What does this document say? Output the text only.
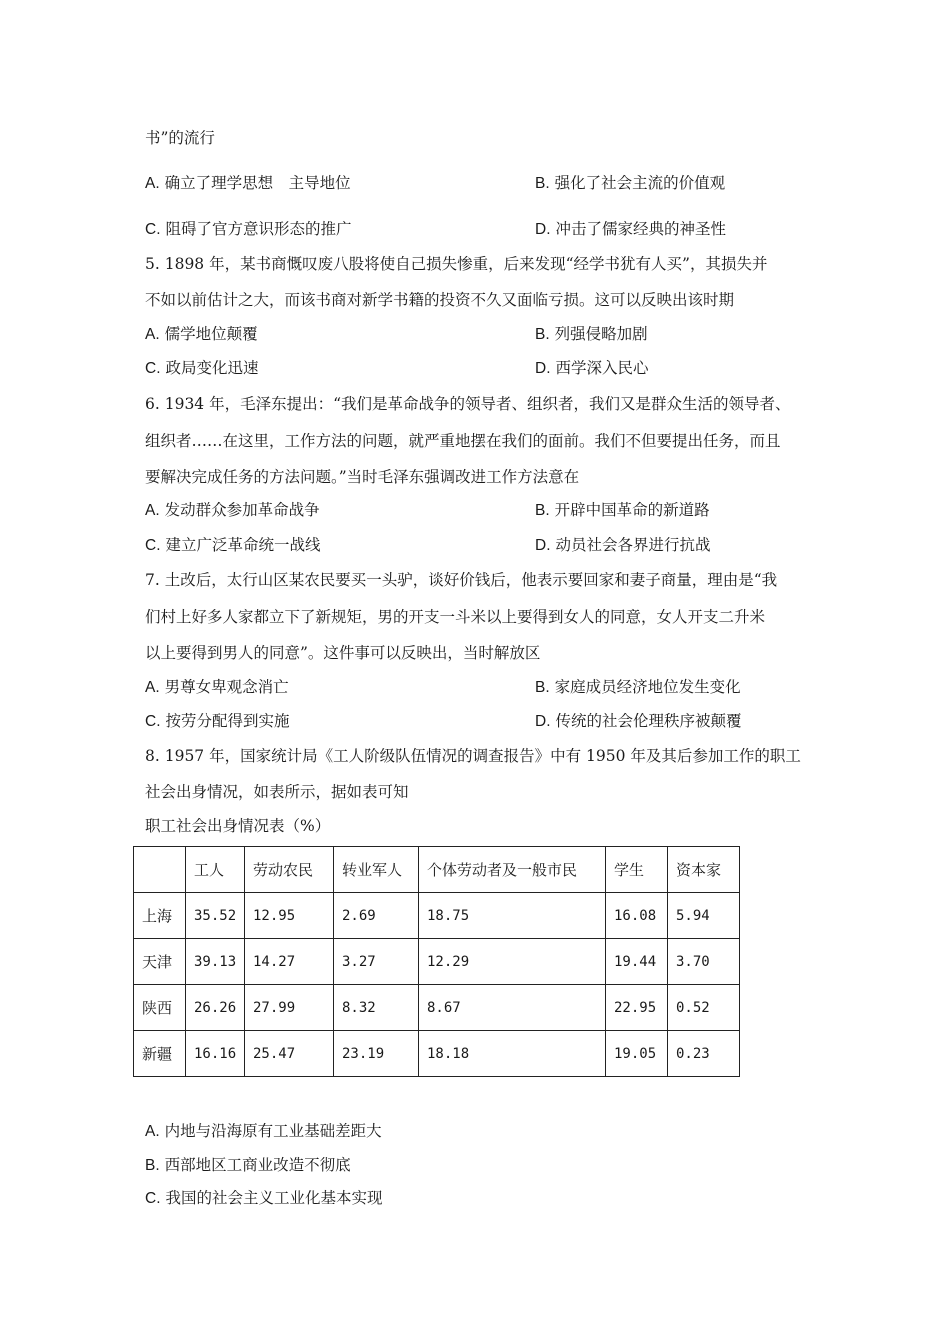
书”的流行
A. 确立了理学思想　主导地位	B. 强化了社会主流的价值观
C. 阻碍了官方意识形态的推广	D. 冲击了儒家经典的神圣性
5. 1898 年，某书商慨叹废八股将使自己损失惨重，后来发现“经学书犹有人买”，其损失并
不如以前估计之大，而该书商对新学书籍的投资不久又面临亏损。这可以反映出该时期
A. 儒学地位颠覆	B. 列强侵略加剧
C. 政局变化迅速	D. 西学深入民心
6. 1934 年，毛泽东提出：“我们是革命战争的领导者、组织者，我们又是群众生活的领导者、
组织者……在这里，工作方法的问题，就严重地摆在我们的面前。我们不但要提出任务，而且
要解决完成任务的方法问题。”当时毛泽东强调改进工作方法意在
A. 发动群众参加革命战争	B. 开辟中国革命的新道路
C. 建立广泛革命统一战线	D. 动员社会各界进行抗战
7. 土改后，太行山区某农民要买一头驴，谈好价钱后，他表示要回家和妻子商量，理由是“我
们村上好多人家都立下了新规矩，男的开支一斗米以上要得到女人的同意，女人开支二升米
以上要得到男人的同意”。这件事可以反映出，当时解放区
A. 男尊女卑观念消亡	B. 家庭成员经济地位发生变化
C. 按劳分配得到实施	D. 传统的社会伦理秩序被颠覆
8. 1957 年，国家统计局《工人阶级队伍情况的调查报告》中有 1950 年及其后参加工作的职工
社会出身情况，如表所示，据如表可知
职工社会出身情况表（%）
	工人	劳动农民	转业军人	个体劳动者及一般市民	学生	资本家
上海	35.52	12.95	2.69	18.75	16.08	5.94
天津	39.13	14.27	3.27	12.29	19.44	3.70
陕西	26.26	27.99	8.32	8.67	22.95	0.52
新疆	16.16	25.47	23.19	18.18	19.05	0.23
A. 内地与沿海原有工业基础差距大
B. 西部地区工商业改造不彻底
C. 我国的社会主义工业化基本实现
